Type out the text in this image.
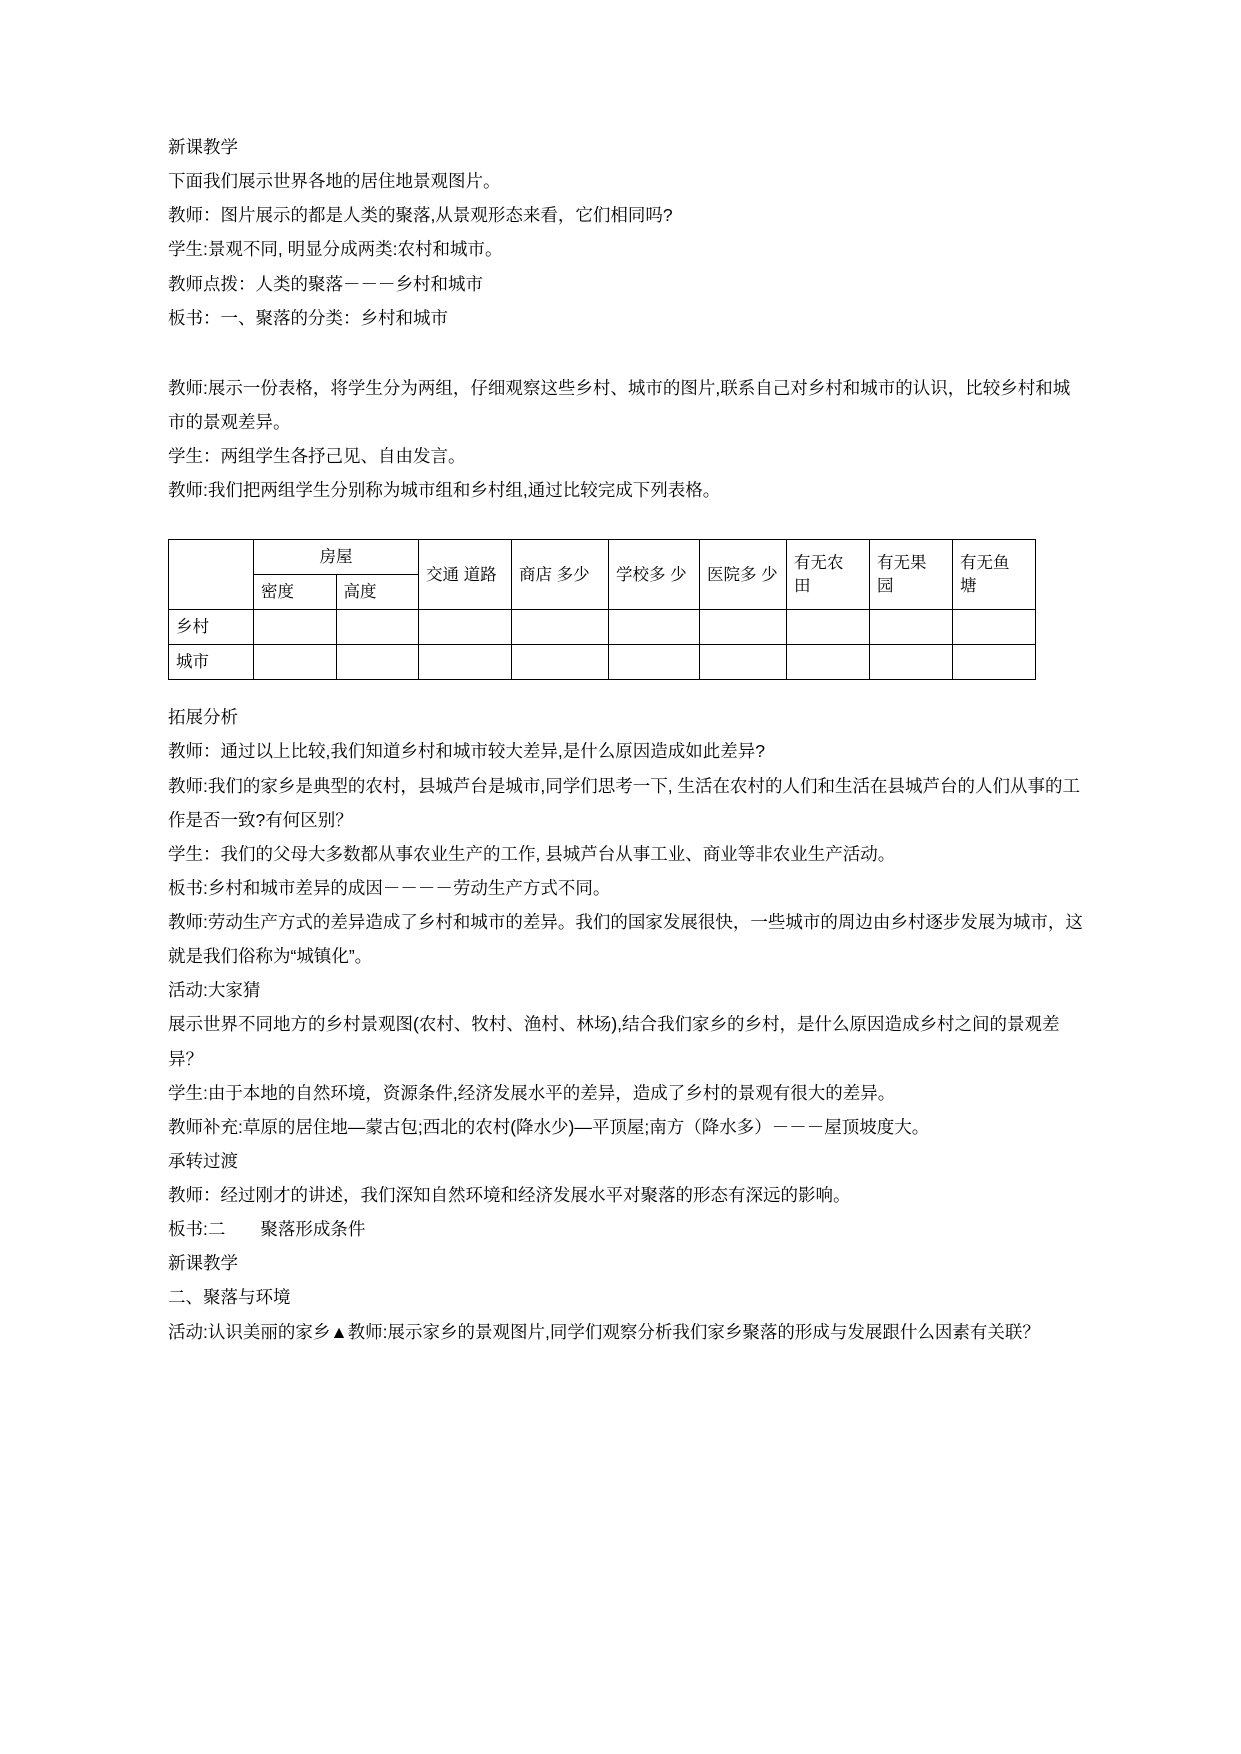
新课教学

下面我们展示世界各地的居住地景观图片。

教师：图片展示的都是人类的聚落,从景观形态来看，它们相同吗?

学生:景观不同, 明显分成两类:农村和城市。

教师点拨：人类的聚落－－－乡村和城市

板书：一、聚落的分类：乡村和城市

教师:展示一份表格，将学生分为两组，仔细观察这些乡村、城市的图片,联系自己对乡村和城市的认识，比较乡村和城市的景观差异。

学生：两组学生各抒己见、自由发言。

教师:我们把两组学生分别称为城市组和乡村组,通过比较完成下列表格。

	房屋		交通 道路	商店 多少	学校多 少	医院多 少	有无农 田	有无果 园	有无鱼 塘
	密度	高度							
乡村									
城市									

拓展分析

教师：通过以上比较,我们知道乡村和城市较大差异,是什么原因造成如此差异?

教师:我们的家乡是典型的农村，县城芦台是城市,同学们思考一下, 生活在农村的人们和生活在县城芦台的人们从事的工作是否一致?有何区别？

学生：我们的父母大多数都从事农业生产的工作, 县城芦台从事工业、商业等非农业生产活动。

板书:乡村和城市差异的成因－－－－劳动生产方式不同。

教师:劳动生产方式的差异造成了乡村和城市的差异。我们的国家发展很快，一些城市的周边由乡村逐步发展为城市，这就是我们俗称为“城镇化”。

活动:大家猜

展示世界不同地方的乡村景观图(农村、牧村、渔村、林场),结合我们家乡的乡村，是什么原因造成乡村之间的景观差异？

学生:由于本地的自然环境，资源条件,经济发展水平的差异，造成了乡村的景观有很大的差异。

教师补充:草原的居住地—蒙古包;西北的农村(降水少)—平顶屋;南方（降水多）－－－屋顶坡度大。

承转过渡

教师：经过刚才的讲述，我们深知自然环境和经济发展水平对聚落的形态有深远的影响。

板书:二　　聚落形成条件

新课教学

二、聚落与环境

活动:认识美丽的家乡▲教师:展示家乡的景观图片,同学们观察分析我们家乡聚落的形成与发展跟什么因素有关联？
